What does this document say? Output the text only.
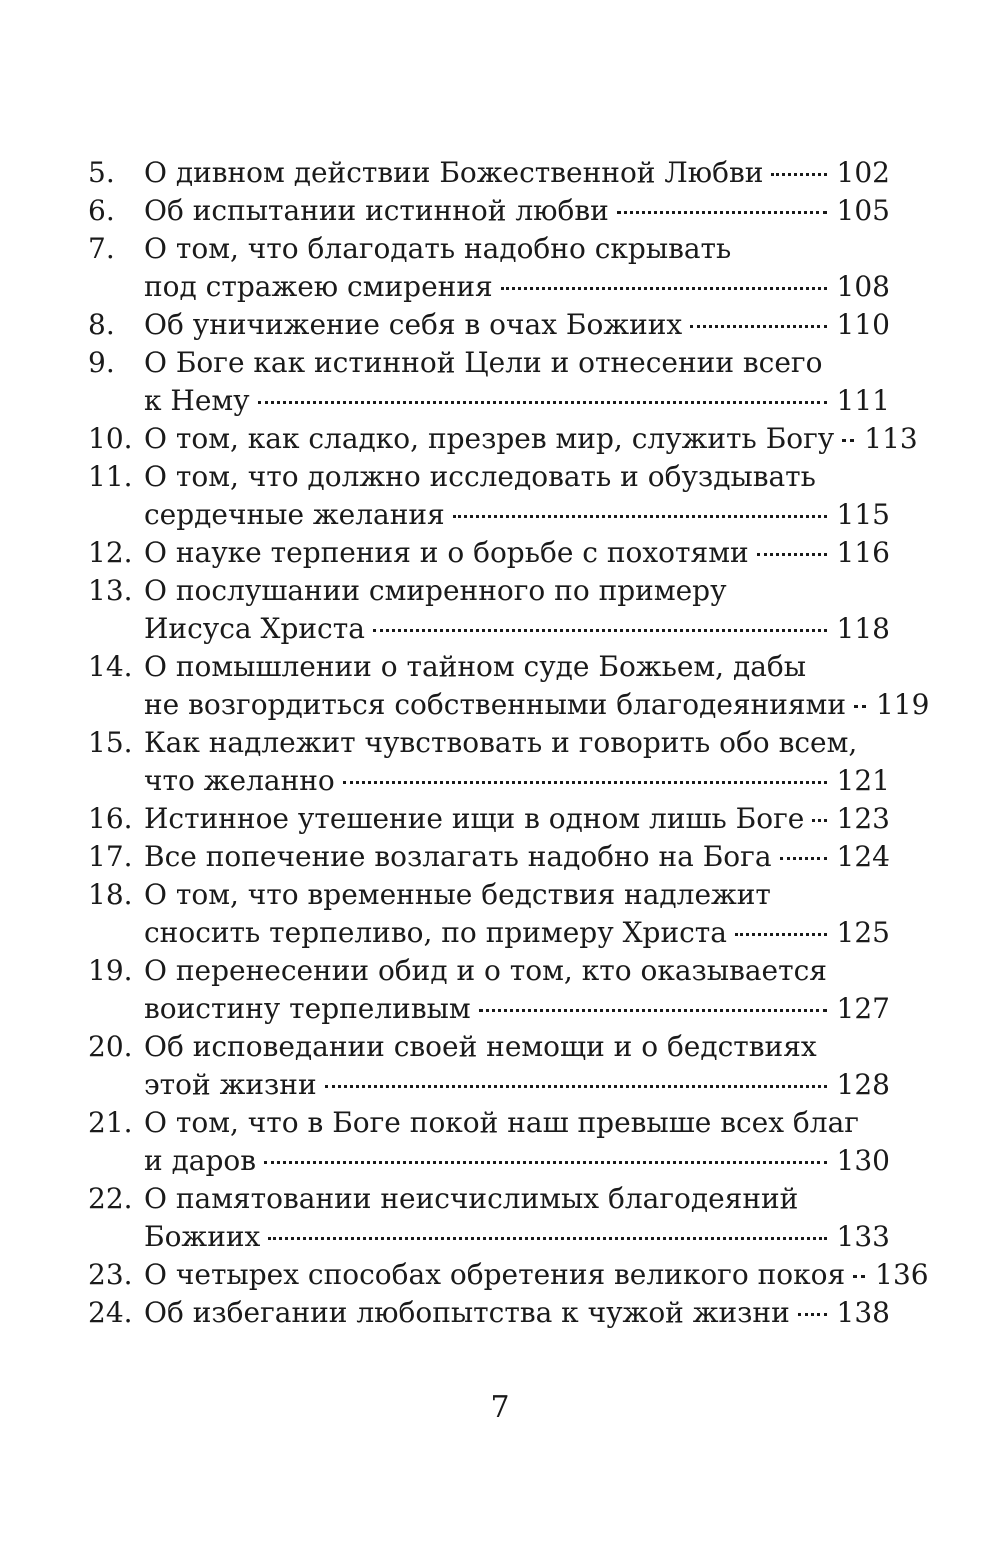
5.	О дивном действии Божественной Любви	102
6.	Об испытании истинной любви	105
7.	О том, что благодать надобно скрывать
под стражею смирения	108
8.	Об уничижение себя в очах Божиих	110
9.	О Боге как истинной Цели и отнесении всего
к Нему	111
10. О том, как сладко, презрев мир, служить Богу 113
11. О том, что должно исследовать и обуздывать
сердечные желания	115
12. О науке терпения и о борьбе с похотями	116
13. О послушании смиренного по примеру
Иисуса Христа	118
14. О помышлении о тайном суде Божьем, дабы
не возгордиться собственными благодеяниями 119
15. Как надлежит чувствовать и говорить обо всем,
что желанно	121
16. Истинное утешение ищи в одном лишь Боге 123
17. Все попечение возлагать надобно на Бога 124
18. О том, что временные бедствия надлежит
сносить терпеливо, по примеру Христа	125
19. О перенесении обид и о том, кто оказывается
воистину терпеливым	127
20. Об исповедании своей немощи и о бедствиях
этой жизни	128
21. О том, что в Боге покой наш превыше всех благ
и даров	130
22. О памятовании неисчислимых благодеяний
Божиих	133
23. О четырех способах обретения великого покоя 136
24. Об избегании любопытства к чужой жизни 138
7
